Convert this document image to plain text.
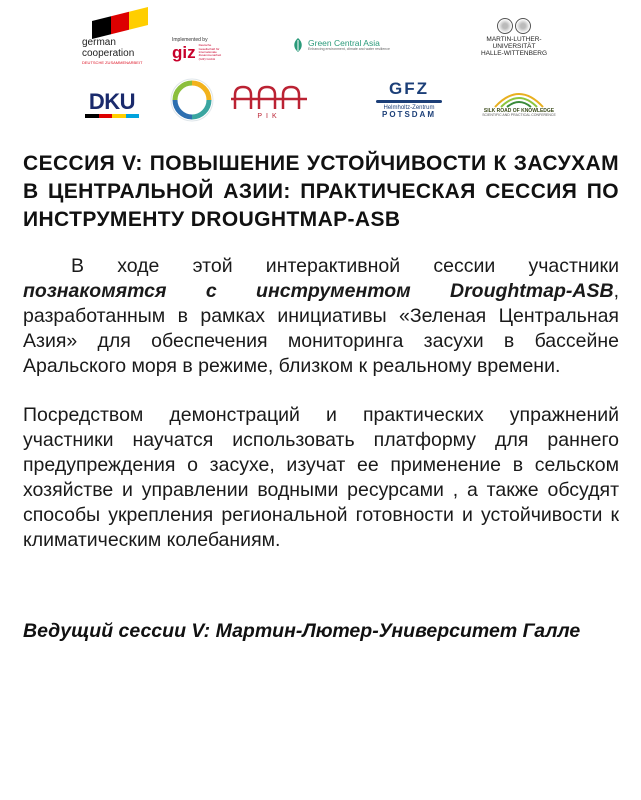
german
cooperation
DEUTSCHE ZUSAMMENARBEIT
Implemented by
giz Deutsche Gesellschaft für Internationale Zusammenarbeit (GIZ) GmbH
Green Central Asia
Enhancing environment, climate and water resilience
MARTIN-LUTHER-
UNIVERSITÄT
HALLE-WITTENBERG
DKU
PIK
GFZ
Helmholtz-Zentrum
POTSDAM	SILK ROAD OF KNOWLEDGE
SCIENTIFIC AND PRACTICAL CONFERENCE
СЕССИЯ V: ПОВЫШЕНИЕ УСТОЙЧИВОСТИ К ЗАСУХАМ В ЦЕНТРАЛЬНОЙ АЗИИ: ПРАКТИЧЕСКАЯ СЕССИЯ ПО ИНСТРУМЕНТУ DROUGHTMAP-ASB

В ходе этой интерактивной сессии участники познакомятся с инструментом Droughtmap-ASB, разработанным в рамках инициативы «Зеленая Центральная Азия» для обеспечения мониторинга засухи в бассейне Аральского моря в режиме, близком к реальному времени.

Посредством демонстраций и практических упражнений участники научатся использовать платформу для раннего предупреждения о засухе, изучат ее применение в сельском хозяйстве и управлении водными ресурсами , а также обсудят способы укрепления региональной готовности и устойчивости к климатическим колебаниям.

Ведущий сессии V: Мартин-Лютер-Университет Галле
